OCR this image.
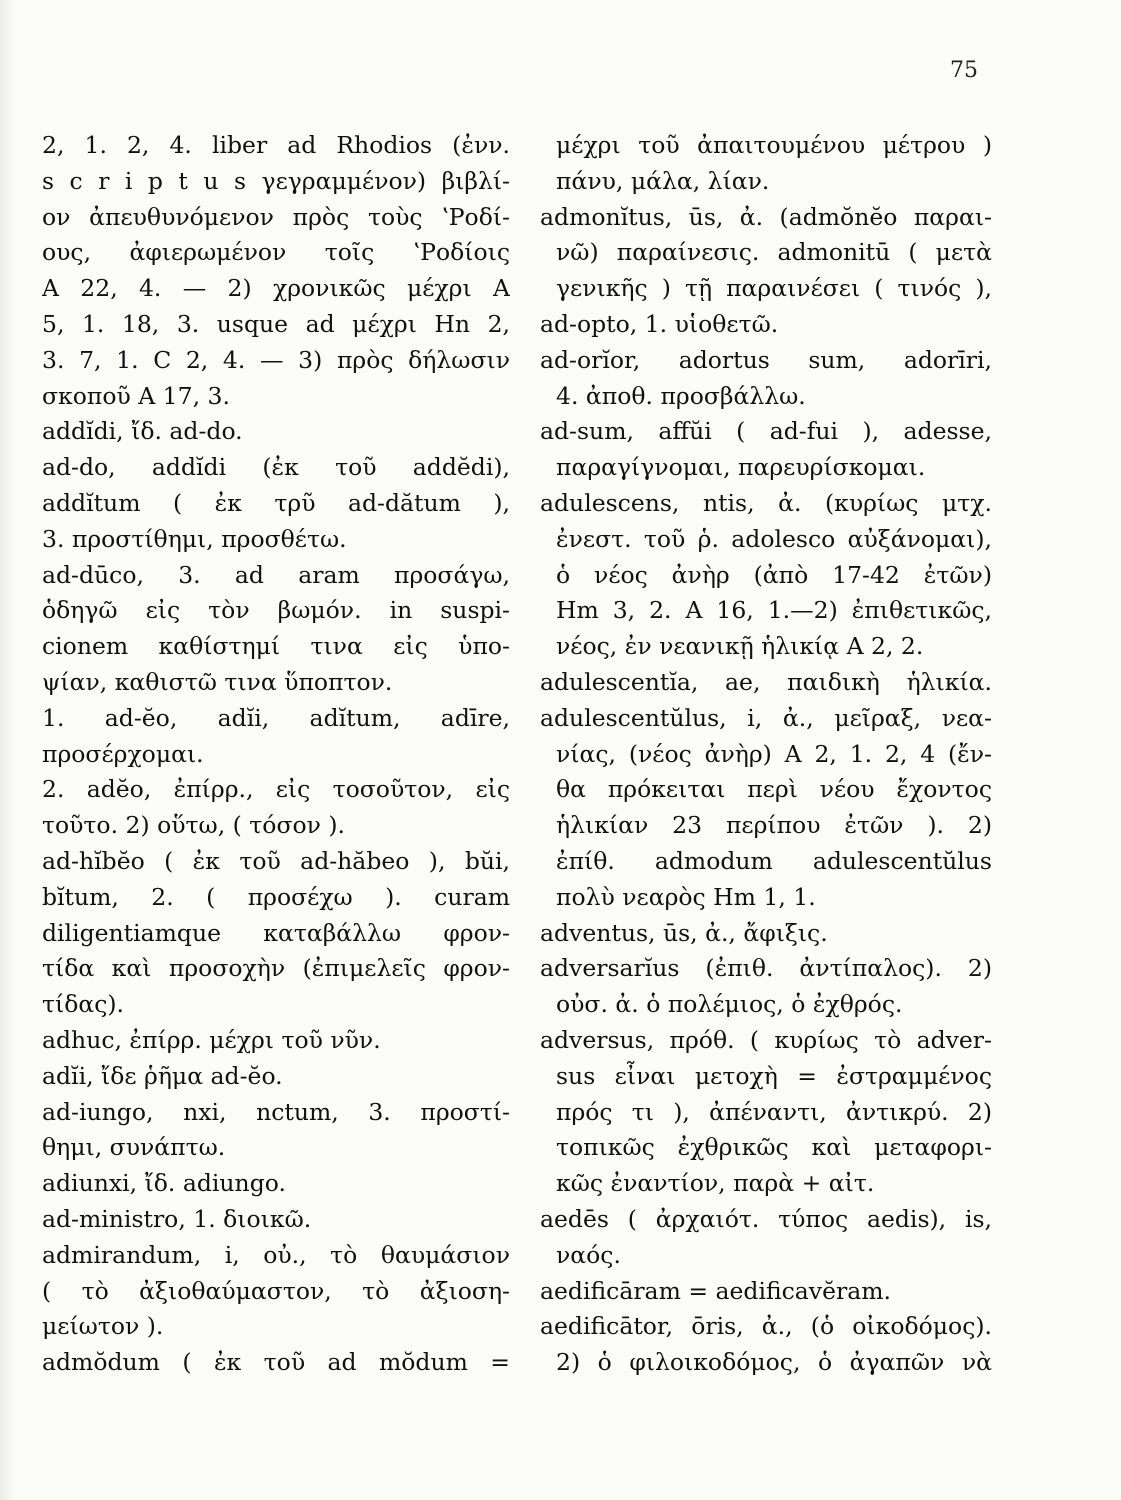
75
2, 1. 2, 4. liber ad Rhodios (ἐνν.
s c r i p t u s γεγραμμένον) βιβλί-
ον ἀπευθυνόμενον πρὸς τοὺς ʽΡοδί-
ους, ἀφιερωμένον τοῖς ʽΡοδίοις
A 22, 4. — 2) χρονικῶς μέχρι A
5, 1. 18, 3. usque ad μέχρι Hn 2,
3. 7, 1. C 2, 4. — 3) πρὸς δήλωσιν
σκοποῦ A 17, 3.
addĭdi, ἴδ. ad-do.
ad-do, addĭdi (ἐκ τοῦ addĕdi),
addĭtum ( ἐκ τρῦ ad-dătum ),
3. προστίθημι, προσθέτω.
ad-dūco, 3. ad aram προσάγω,
ὁδηγῶ εἰς τὸν βωμόν. in suspi-
cionem καθίστημί τινα εἰς ὑπο-
ψίαν, καθιστῶ τινα ὕποπτον.
1. ad-ĕo, adĭi, adĭtum, adīre,
προσέρχομαι.
2. adĕo, ἐπίρρ., εἰς τοσοῦτον, εἰς
τοῦτο. 2) οὕτω, ( τόσον ).
ad-hĭbĕo ( ἐκ τοῦ ad-hăbeo ), bŭi,
bĭtum, 2. ( προσέχω ). curam
diligentiamque καταβάλλω φρον-
τίδα καὶ προσοχὴν (ἐπιμελεῖς φρον-
τίδας).
adhuc, ἐπίρρ. μέχρι τοῦ νῦν.
adĭi, ἴδε ῥῆμα ad-ĕo.
ad-iungo, nxi, nctum, 3. προστί-
θημι, συνάπτω.
adiunxi, ἴδ. adiungo.
ad-ministro, 1. διοικῶ.
admirandum, i, οὐ., τὸ θαυμάσιον
( τὸ ἀξιοθαύμαστον, τὸ ἀξιοση-
μείωτον ).
admŏdum ( ἐκ τοῦ ad mŏdum =
μέχρι τοῦ ἀπαιτουμένου μέτρου )
πάνυ, μάλα, λίαν.
admonĭtus, ūs, ἀ. (admŏnĕo παραι-
νῶ) παραίνεσις. admonitū ( μετὰ
γενικῆς ) τῇ παραινέσει ( τινός ),
ad-opto, 1. υἱοθετῶ.
ad-orĭor, adortus sum, adorīri,
4. ἀποθ. προσβάλλω.
ad-sum, affŭi ( ad-fui ), adesse,
παραγίγνομαι, παρευρίσκομαι.
adulescens, ntis, ἀ. (κυρίως μτχ.
ἐνεστ. τοῦ ῥ. adolesco αὐξάνομαι),
ὁ νέος ἀνὴρ (ἀπὸ 17-42 ἐτῶν)
Hm 3, 2. A 16, 1.—2) ἐπιθετικῶς,
νέος, ἐν νεανικῇ ἡλικίᾳ A 2, 2.
adulescentĭa, ae, παιδικὴ ἡλικία.
adulescentŭlus, i, ἀ., μεῖραξ, νεα-
νίας, (νέος ἀνὴρ) A 2, 1. 2, 4 (ἔν-
θα πρόκειται περὶ νέου ἔχοντος
ἡλικίαν 23 περίπου ἐτῶν ). 2)
ἐπίθ. admodum adulescentŭlus
πολὺ νεαρὸς Hm 1, 1.
adventus, ūs, ἀ., ἄφιξις.
adversarĭus (ἐπιθ. ἀντίπαλος). 2)
οὐσ. ἀ. ὁ πολέμιος, ὁ ἐχθρός.
adversus, πρόθ. ( κυρίως τὸ adver-
sus εἶναι μετοχὴ = ἐστραμμένος
πρός τι ), ἀπέναντι, ἀντικρύ. 2)
τοπικῶς ἐχθρικῶς καὶ μεταφορι-
κῶς ἐναντίον, παρὰ + αἰτ.
aedēs ( ἀρχαιότ. τύπος aedis), is,
ναός.
aedificāram = aedificavĕram.
aedificātor, ōris, ἀ., (ὁ οἰκοδόμος).
2) ὁ φιλοικοδόμος, ὁ ἀγαπῶν νὰ
